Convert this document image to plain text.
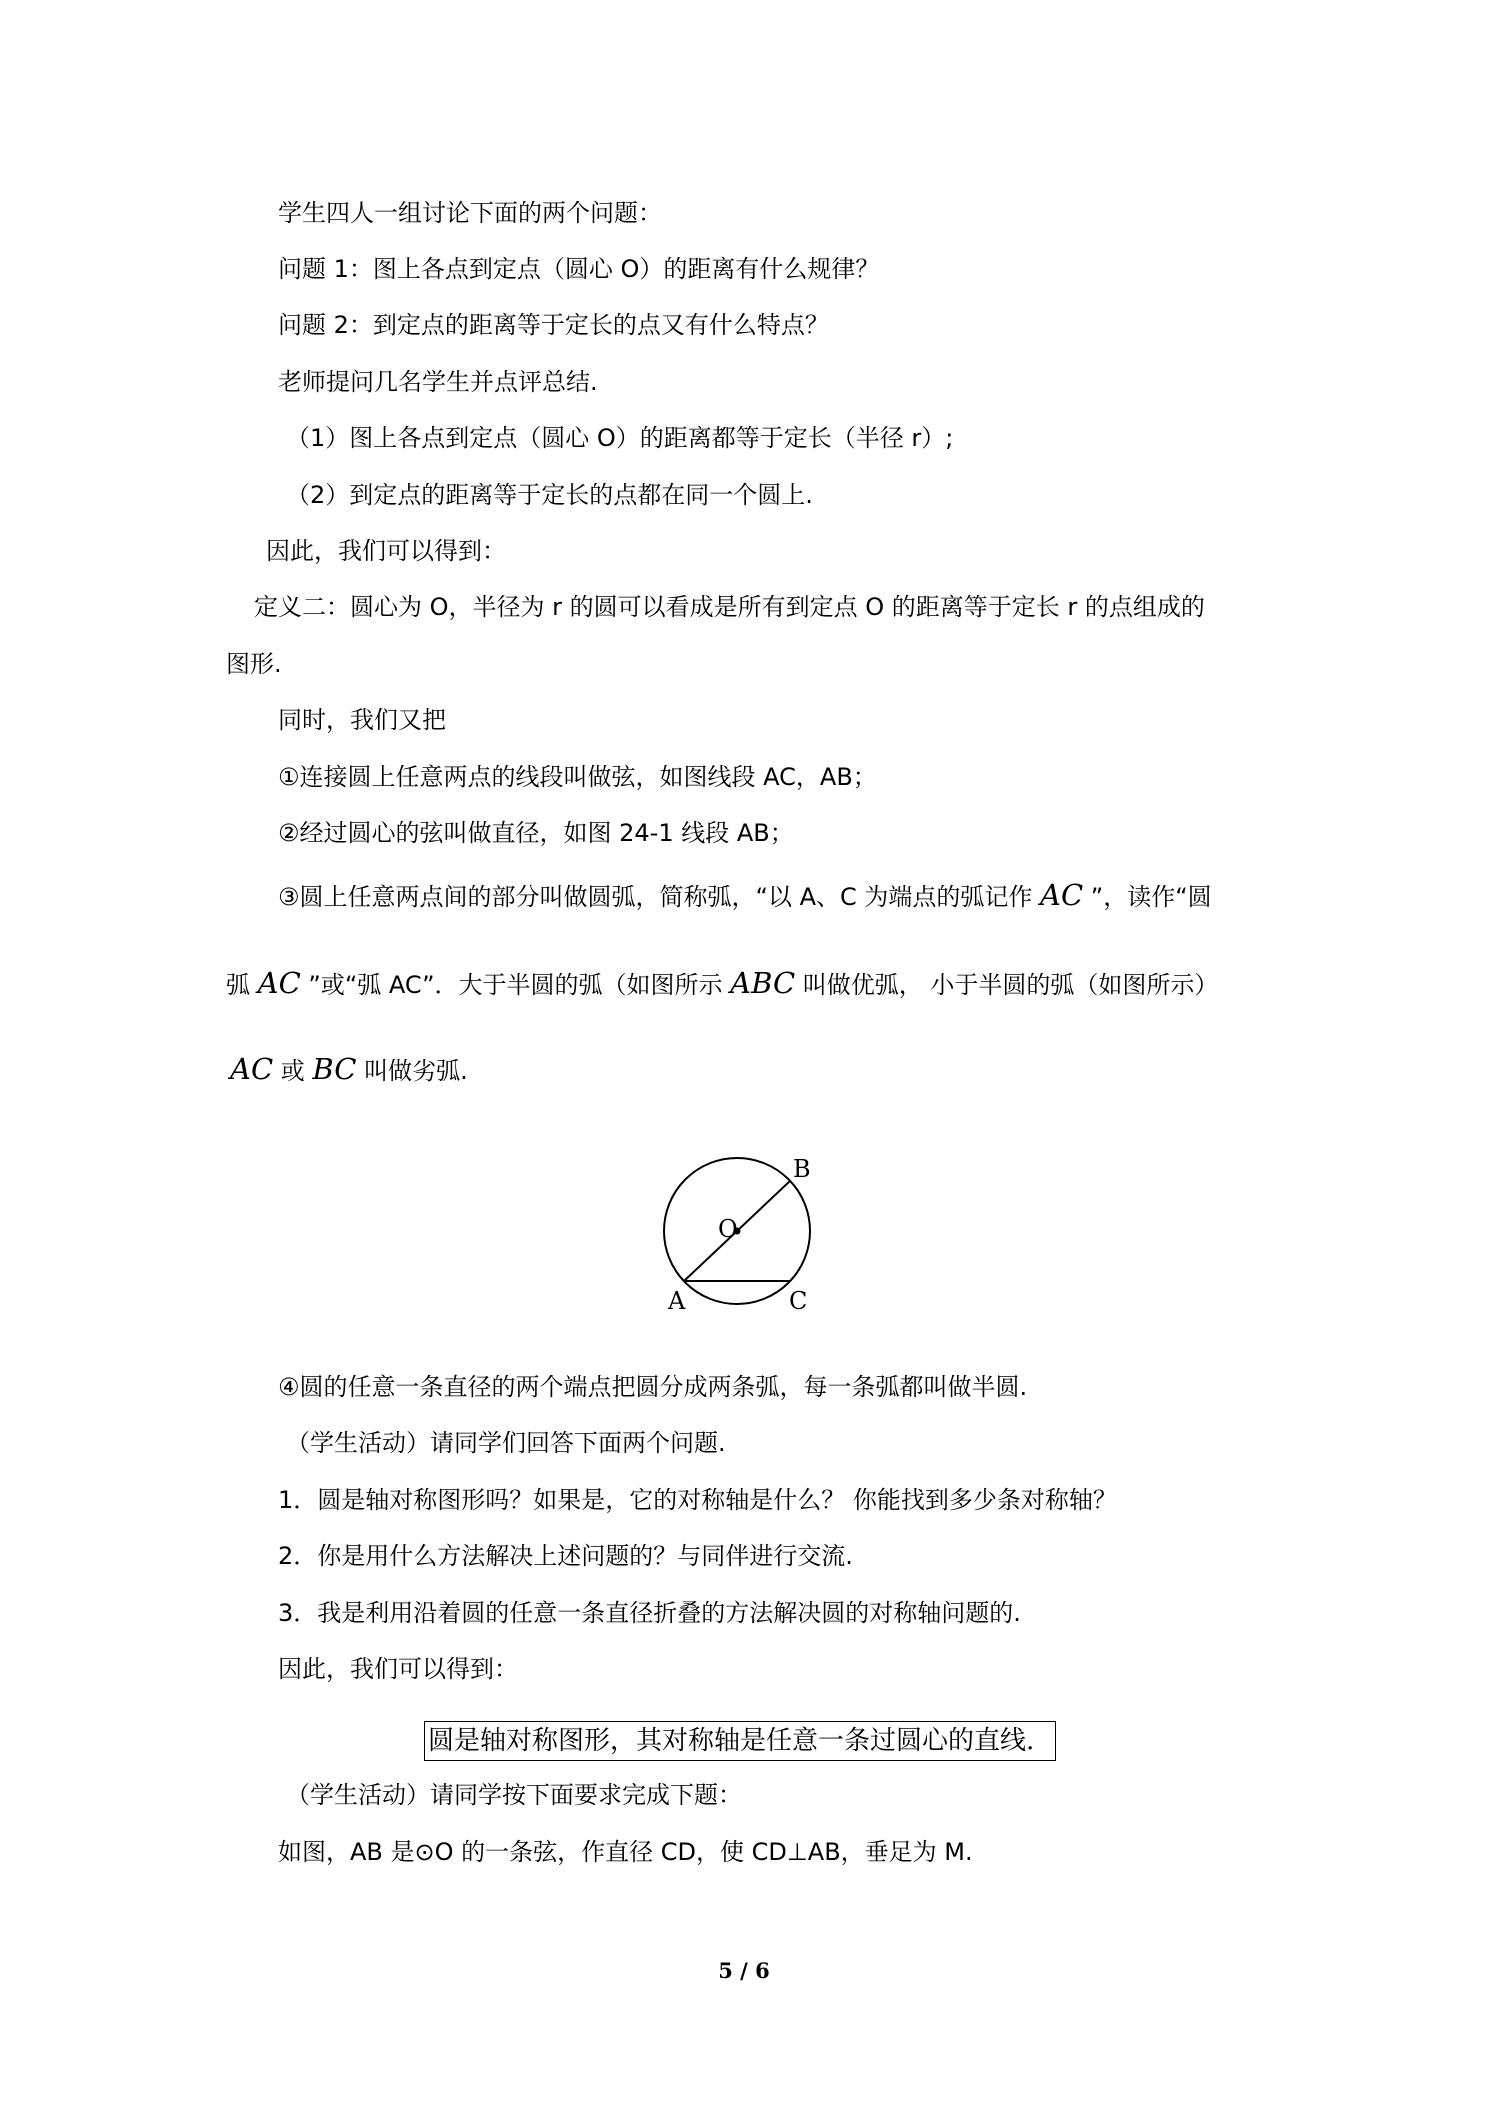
学生四人一组讨论下面的两个问题：
问题 1：图上各点到定点（圆心 O）的距离有什么规律？
问题 2：到定点的距离等于定长的点又有什么特点？
老师提问几名学生并点评总结.
（1）图上各点到定点（圆心 O）的距离都等于定长（半径 r）;
（2）到定点的距离等于定长的点都在同一个圆上.
因此，我们可以得到：
定义二：圆心为 O，半径为 r 的圆可以看成是所有到定点 O 的距离等于定长 r 的点组成的
图形.
同时，我们又把
①连接圆上任意两点的线段叫做弦，如图线段 AC，AB；
②经过圆心的弦叫做直径，如图 24-1 线段 AB；
③圆上任意两点间的部分叫做圆弧，简称弧，“以 A、C 为端点的弧记作 AC ”，读作“圆
弧 AC ”或“弧 AC”．大于半圆的弧（如图所示 ABC 叫做优弧， 小于半圆的弧（如图所示）
AC 或 BC 叫做劣弧.
O
B
A	C
④圆的任意一条直径的两个端点把圆分成两条弧，每一条弧都叫做半圆.
（学生活动）请同学们回答下面两个问题.
1．圆是轴对称图形吗？如果是，它的对称轴是什么？ 你能找到多少条对称轴？
2．你是用什么方法解决上述问题的？与同伴进行交流.
3．我是利用沿着圆的任意一条直径折叠的方法解决圆的对称轴问题的.
因此，我们可以得到：
圆是轴对称图形，其对称轴是任意一条过圆心的直线.
（学生活动）请同学按下面要求完成下题：
如图，AB 是⊙O 的一条弦，作直径 CD，使 CD⊥AB，垂足为 M.
5 / 6
